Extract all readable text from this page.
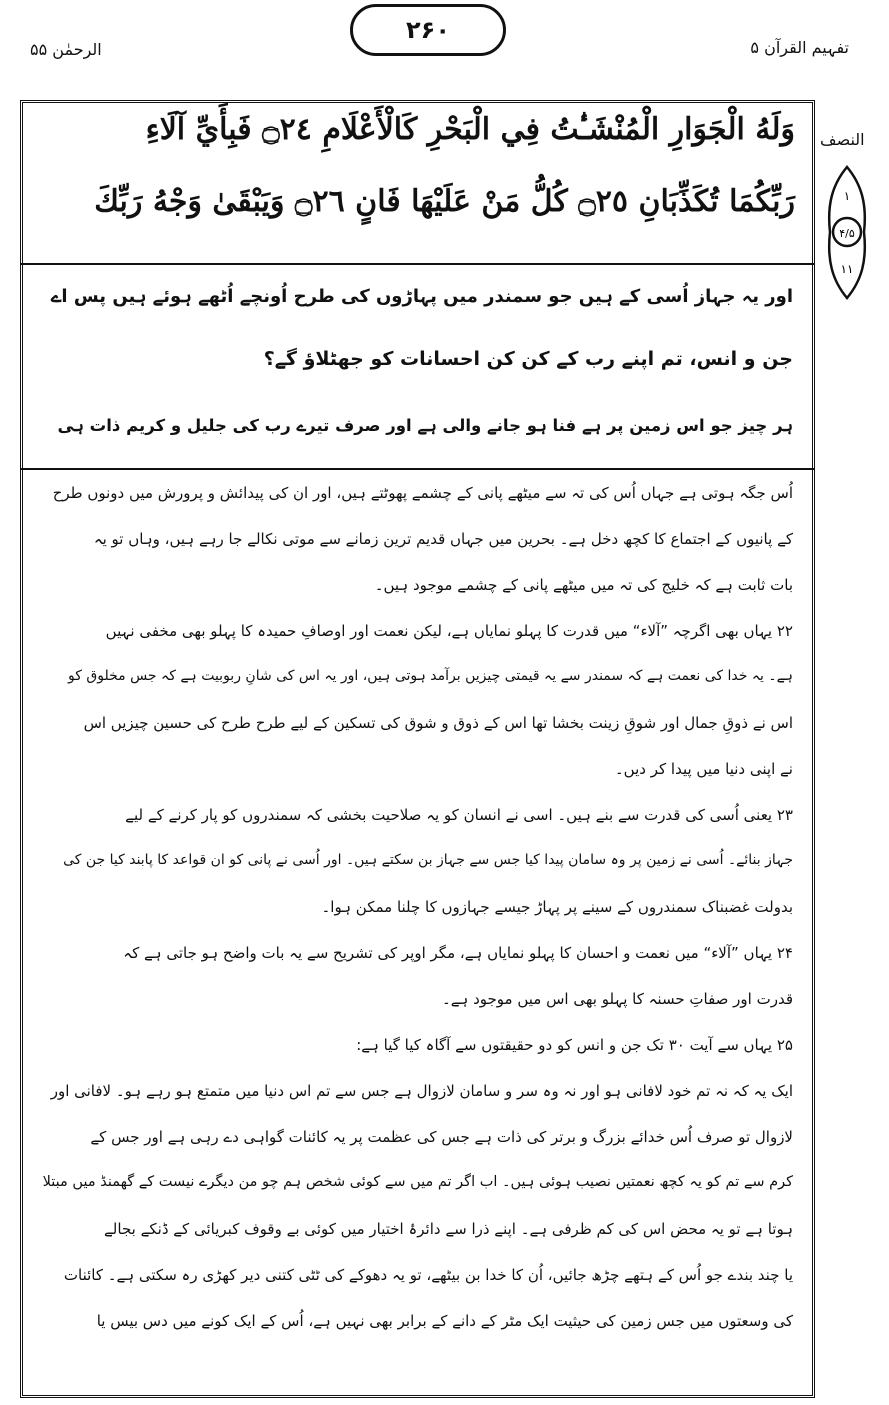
۲۶۰
تفہیم القرآن ۵
الرحمٰن ۵۵
النصف
۱
۴/۵
۱۱
وَلَهُ الْجَوَارِ الْمُنْشَـٰٔتُ فِي الْبَحْرِ كَالْأَعْلَامِ ۝٢٤ فَبِأَيِّ آلَاءِ
رَبِّكُمَا تُكَذِّبَانِ ۝٢٥ كُلُّ مَنْ عَلَيْهَا فَانٍ ۝٢٦ وَيَبْقَىٰ وَجْهُ رَبِّكَ
اور یہ جہاز اُسی کے ہیں جو سمندر میں پہاڑوں کی طرح اُونچے اُٹھے ہوئے ہیں پس اے
جن و انس، تم اپنے رب کے کن کن احسانات کو جھٹلاؤ گے؟
ہر چیز جو اس زمین پر ہے فنا ہو جانے والی ہے اور صرف تیرے رب کی جلیل و کریم ذات ہی
اُس جگہ ہوتی ہے جہاں اُس کی تہ سے میٹھے پانی کے چشمے پھوٹتے ہیں، اور ان کی پیدائش و پرورش میں دونوں طرح
کے پانیوں کے اجتماع کا کچھ دخل ہے۔ بحرین میں جہاں قدیم ترین زمانے سے موتی نکالے جا رہے ہیں، وہاں تو یہ
بات ثابت ہے کہ خلیج کی تہ میں میٹھے پانی کے چشمے موجود ہیں۔
۲۲ یہاں بھی اگرچہ ”آلاء“ میں قدرت کا پہلو نمایاں ہے، لیکن نعمت اور اوصافِ حمیدہ کا پہلو بھی مخفی نہیں
ہے۔ یہ خدا کی نعمت ہے کہ سمندر سے یہ قیمتی چیزیں برآمد ہوتی ہیں، اور یہ اس کی شانِ ربوبیت ہے کہ جس مخلوق کو
اس نے ذوقِ جمال اور شوقِ زینت بخشا تھا اس کے ذوق و شوق کی تسکین کے لیے طرح طرح کی حسین چیزیں اس
نے اپنی دنیا میں پیدا کر دیں۔
۲۳ یعنی اُسی کی قدرت سے بنے ہیں۔ اسی نے انسان کو یہ صلاحیت بخشی کہ سمندروں کو پار کرنے کے لیے
جہاز بنائے۔ اُسی نے زمین پر وہ سامان پیدا کیا جس سے جہاز بن سکتے ہیں۔ اور اُسی نے پانی کو ان قواعد کا پابند کیا جن کی
بدولت غضبناک سمندروں کے سینے پر پہاڑ جیسے جہازوں کا چلنا ممکن ہوا۔
۲۴ یہاں ”آلاء“ میں نعمت و احسان کا پہلو نمایاں ہے، مگر اوپر کی تشریح سے یہ بات واضح ہو جاتی ہے کہ
قدرت اور صفاتِ حسنہ کا پہلو بھی اس میں موجود ہے۔
۲۵ یہاں سے آیت ۳۰ تک جن و انس کو دو حقیقتوں سے آگاہ کیا گیا ہے:
ایک یہ کہ نہ تم خود لافانی ہو اور نہ وہ سر و سامان لازوال ہے جس سے تم اس دنیا میں متمتع ہو رہے ہو۔ لافانی اور
لازوال تو صرف اُس خدائے بزرگ و برتر کی ذات ہے جس کی عظمت پر یہ کائنات گواہی دے رہی ہے اور جس کے
کرم سے تم کو یہ کچھ نعمتیں نصیب ہوئی ہیں۔ اب اگر تم میں سے کوئی شخص ہم چو من دیگرے نیست کے گھمنڈ میں مبتلا
ہوتا ہے تو یہ محض اس کی کم ظرفی ہے۔ اپنے ذرا سے دائرۂ اختیار میں کوئی بے وقوف کبریائی کے ڈنکے بجالے
یا چند بندے جو اُس کے ہتھے چڑھ جائیں، اُن کا خدا بن بیٹھے، تو یہ دھوکے کی ٹٹی کتنی دیر کھڑی رہ سکتی ہے۔ کائنات
کی وسعتوں میں جس زمین کی حیثیت ایک مٹر کے دانے کے برابر بھی نہیں ہے، اُس کے ایک کونے میں دس بیس یا
